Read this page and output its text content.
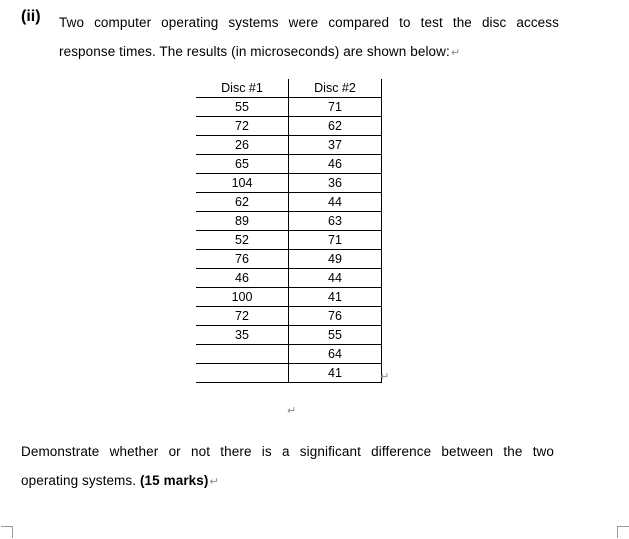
(ii) Two computer operating systems were compared to test the disc access
response times. The results (in microseconds) are shown below:↵
Disc #1	Disc #2
55	71
72	62
26	37
65	46
104	36
62	44
89	63
52	71
76	49
46	44
100	41
72	76
35	55
	64
	41	↵
↵
Demonstrate whether or not there is a significant difference between the two
operating systems. (15 marks)↵
